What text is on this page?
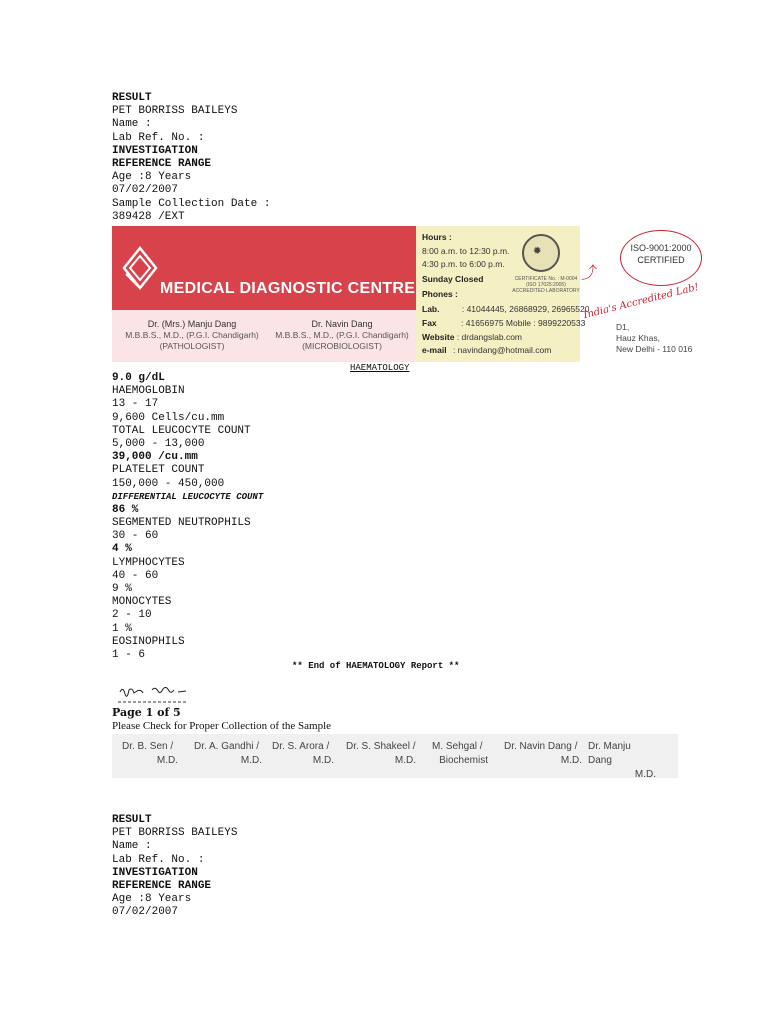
RESULT
PET BORRISS BAILEYS
Name :
Lab Ref. No. :
INVESTIGATION
REFERENCE RANGE
Age :8 Years
07/02/2007
Sample Collection Date :
389428 /EXT
MEDICAL DIAGNOSTIC CENTRE
Dr. (Mrs.) Manju Dang
M.B.B.S., M.D., (P.G.I. Chandigarh)
(PATHOLOGIST)
Dr. Navin Dang
M.B.B.S., M.D., (P.G.I. Chandigarh)
(MICROBIOLOGIST)
Hours :
8:00 a.m. to 12:30 p.m.
4:30 p.m. to 6:00 p.m.
Sunday Closed
Phones :
Lab.	: 41044445, 26868929, 26965520
Fax	: 41656975 Mobile : 9899220533
Website : drdangslab.com
e-mail : navindang@hotmail.com
✹
CERTIFICATE No. : M-0004 (ISO 17025:2005) ACCREDITED LABORATORY
ISO-9001:2000
CERTIFIED
⤴
India's Accredited Lab!
D1,
Hauz Khas,
New Delhi - 110 016
HAEMATOLOGY
9.0 g/dL
HAEMOGLOBIN
13 - 17
9,600 Cells/cu.mm
TOTAL LEUCOCYTE COUNT
5,000 - 13,000
39,000 /cu.mm
PLATELET COUNT
150,000 - 450,000
DIFFERENTIAL LEUCOCYTE COUNT
86 %
SEGMENTED NEUTROPHILS
30 - 60
4 %
LYMPHOCYTES
40 - 60
9 %
MONOCYTES
2 - 10
1 %
EOSINOPHILS
1 - 6
** End of HAEMATOLOGY Report **
Page 1 of 5
Please Check for Proper Collection of the Sample
Dr. B. Sen /
M.D.
Dr. A. Gandhi /
M.D.
Dr. S. Arora /
M.D.
Dr. S. Shakeel /
M.D.
M. Sehgal /
Biochemist
Dr. Navin Dang /
M.D.
Dr. Manju Dang
M.D.
RESULT
PET BORRISS BAILEYS
Name :
Lab Ref. No. :
INVESTIGATION
REFERENCE RANGE
Age :8 Years
07/02/2007
